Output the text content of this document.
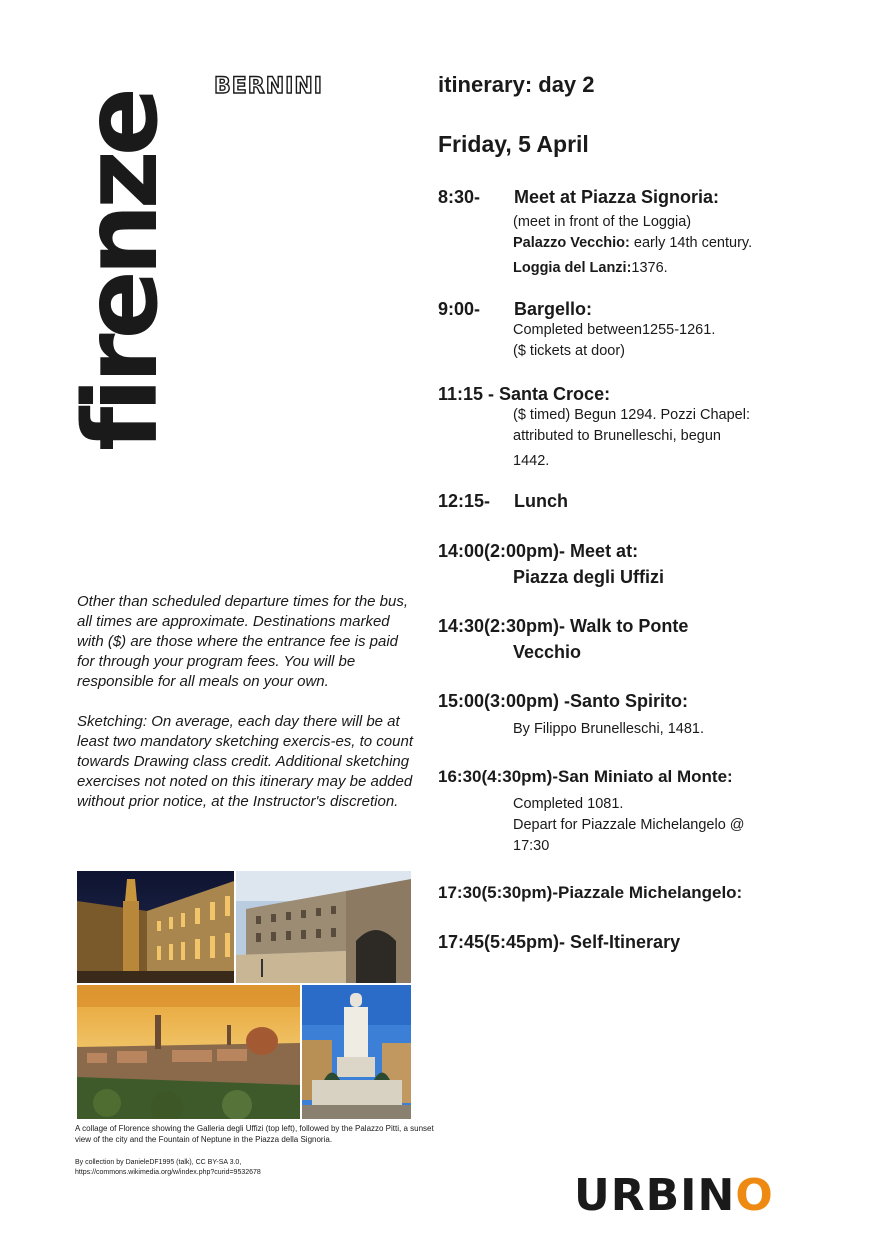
firenze
BERNINI	itinerary: day 2
Friday, 5 April
8:30- Meet at Piazza Signoria:
(meet in front of the Loggia)
Palazzo Vecchio: early 14th century.
Loggia del Lanzi:1376.
9:00- Bargello:
Completed between1255-1261.
($ tickets at door)
11:15 - Santa Croce:
($ timed) Begun 1294. Pozzi Chapel:
attributed to Brunelleschi, begun
1442.
12:15- Lunch
14:00(2:00pm)- Meet at:
Piazza degli Uffizi
14:30(2:30pm)- Walk to Ponte
Vecchio
15:00(3:00pm) -Santo Spirito:
By Filippo Brunelleschi, 1481.
16:30(4:30pm)-San Miniato al Monte:
Completed 1081.
Depart for Piazzale Michelangelo @
17:30
17:30(5:30pm)-Piazzale Michelangelo:
17:45(5:45pm)- Self-Itinerary

Other than scheduled departure times for the bus, all times are approximate. Destinations marked with ($) are those where the entrance fee is paid for through your program fees. You will be responsible for all meals on your own.

Sketching: On average, each day there will be at least two mandatory sketching exercis-es, to count towards Drawing class credit. Additional sketching exercises not noted on this itinerary may be added without prior notice, at the Instructor's discretion.

A collage of Florence showing the Galleria degli Uffizi (top left), followed by the Palazzo Pitti, a sunset view of the city and the Fountain of Neptune in the Piazza della Signoria.
By collection by DanieleDF1995 (talk), CC BY-SA 3.0, https://commons.wikimedia.org/w/index.php?curid=9532678	URBINO
